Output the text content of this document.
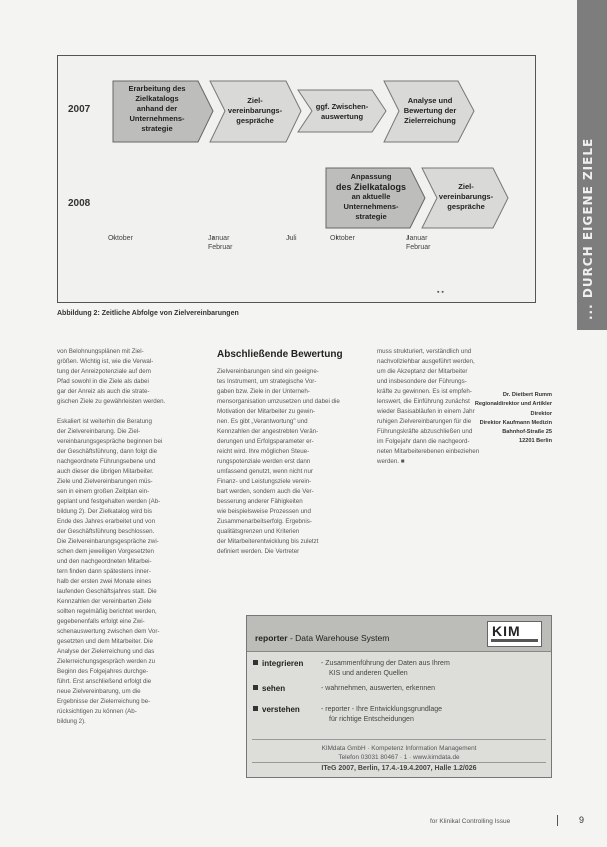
... DURCH EIGENE ZIELE
2007
2008
Erarbeitung des
Zielkatalogs
anhand der
Unternehmens-
strategie
Ziel-
vereinbarungs-
gespräche
ggf. Zwischen-
auswertung
Analyse und
Bewertung der
Zielerreichung
Anpassung
des Zielkatalogs
an aktuelle
Unternehmens-
strategie
Ziel-
vereinbarungs-
gespräche
Oktober	Januar
Februar
Juli	Oktober	Januar
Februar
▪ ▪
Abbildung 2: Zeitliche Abfolge von Zielvereinbarungen
von Belohnungsplänen mit Ziel-
größen. Wichtig ist, wie die Verwal-
tung der Anreizpotenziale auf dem
Pfad sowohl in die Ziele als dabei
gar der Anreiz als auch die strate-
gischen Ziele zu gewährleisten werden.
Eskaliert ist weiterhin die Beratung
der Zielvereinbarung. Die Ziel-
vereinbarungsgespräche beginnen bei
der Geschäftsführung, dann folgt die
nachgeordnete Führungsebene und
auch dieser die übrigen Mitarbeiter.
Ziele und Zielvereinbarungen müs-
sen in einem großen Zeitplan ein-
geplant und festgehalten werden (Ab-
bildung 2). Der Zielkatalog wird bis
Ende des Jahres erarbeitet und von
der Geschäftsführung beschlossen.
Die Zielvereinbarungsgespräche zwi-
schen dem jeweiligen Vorgesetzten
und den nachgeordneten Mitarbei-
tern finden dann spätestens inner-
halb der ersten zwei Monate eines
laufenden Geschäftsjahres statt. Die
Kennzahlen der vereinbarten Ziele
sollten regelmäßig berichtet werden,
gegebenenfalls erfolgt eine Zwi-
schenauswertung zwischen dem Vor-
gesetzten und dem Mitarbeiter. Die
Analyse der Zielerreichung und das
Zielerreichungsgespräch werden zu
Beginn des Folgejahres durchge-
führt. Erst anschließend erfolgt die
neue Zielvereinbarung, um die
Ergebnisse der Zielerreichung be-
rücksichtigen zu können (Ab-
bildung 2).
Abschließende Bewertung
Zielvereinbarungen sind ein geeigne-
tes Instrument, um strategische Vor-
gaben bzw. Ziele in der Unterneh-
mensorganisation umzusetzen und dabei die
Motivation der Mitarbeiter zu gewin-
nen. Es gibt „Verantwortung" und
Kennzahlen der angestrebten Verän-
derungen und Erfolgsparameter er-
reicht wird. Ihre möglichen Steue-
rungspotenziale werden erst dann
umfassend genutzt, wenn nicht nur
Finanz- und Leistungsziele verein-
bart werden, sondern auch die Ver-
besserung anderer Fähigkeiten
wie beispielsweise Prozessen und
Zusammenarbeitserfolg. Ergebnis-
qualitätsgrenzen und Kriterien
der Mitarbeiterentwicklung bis zuletzt
definiert werden. Die Vertreter
muss strukturiert, verständlich und
nachvollziehbar ausgeführt werden,
um die Akzeptanz der Mitarbeiter
und insbesondere der Führungs-
kräfte zu gewinnen. Es ist empfeh-
lenswert, die Einführung zunächst
wieder Basisabläufen in einem Jahr
ruhigen Zielvereinbarungen für die
Führungskräfte abzuschließen und
im Folgejahr dann die nachgeord-
neten Mitarbeiterebenen einbeziehen
werden. ■
Dr. Dietbert Rumm
Regionaldirektor und Artikler Direktor
Direktor Kaufmann Medizin
Bahnhof-Straße 25
12201 Berlin
reporter - Data Warehouse System	KIM
integrieren	- Zusammenführung der Daten aus Ihrem
KIS und anderen Quellen
sehen	- wahrnehmen, auswerten, erkennen
verstehen	- reporter - Ihre Entwicklungsgrundlage
für richtige Entscheidungen
KIMdata GmbH · Kompetenz Information Management
Telefon 03031 80467 · 1 · www.kimdata.de
ITeG 2007, Berlin, 17.4.-19.4.2007, Halle 1.2/026
for Klinikal Controlling Issue	9
